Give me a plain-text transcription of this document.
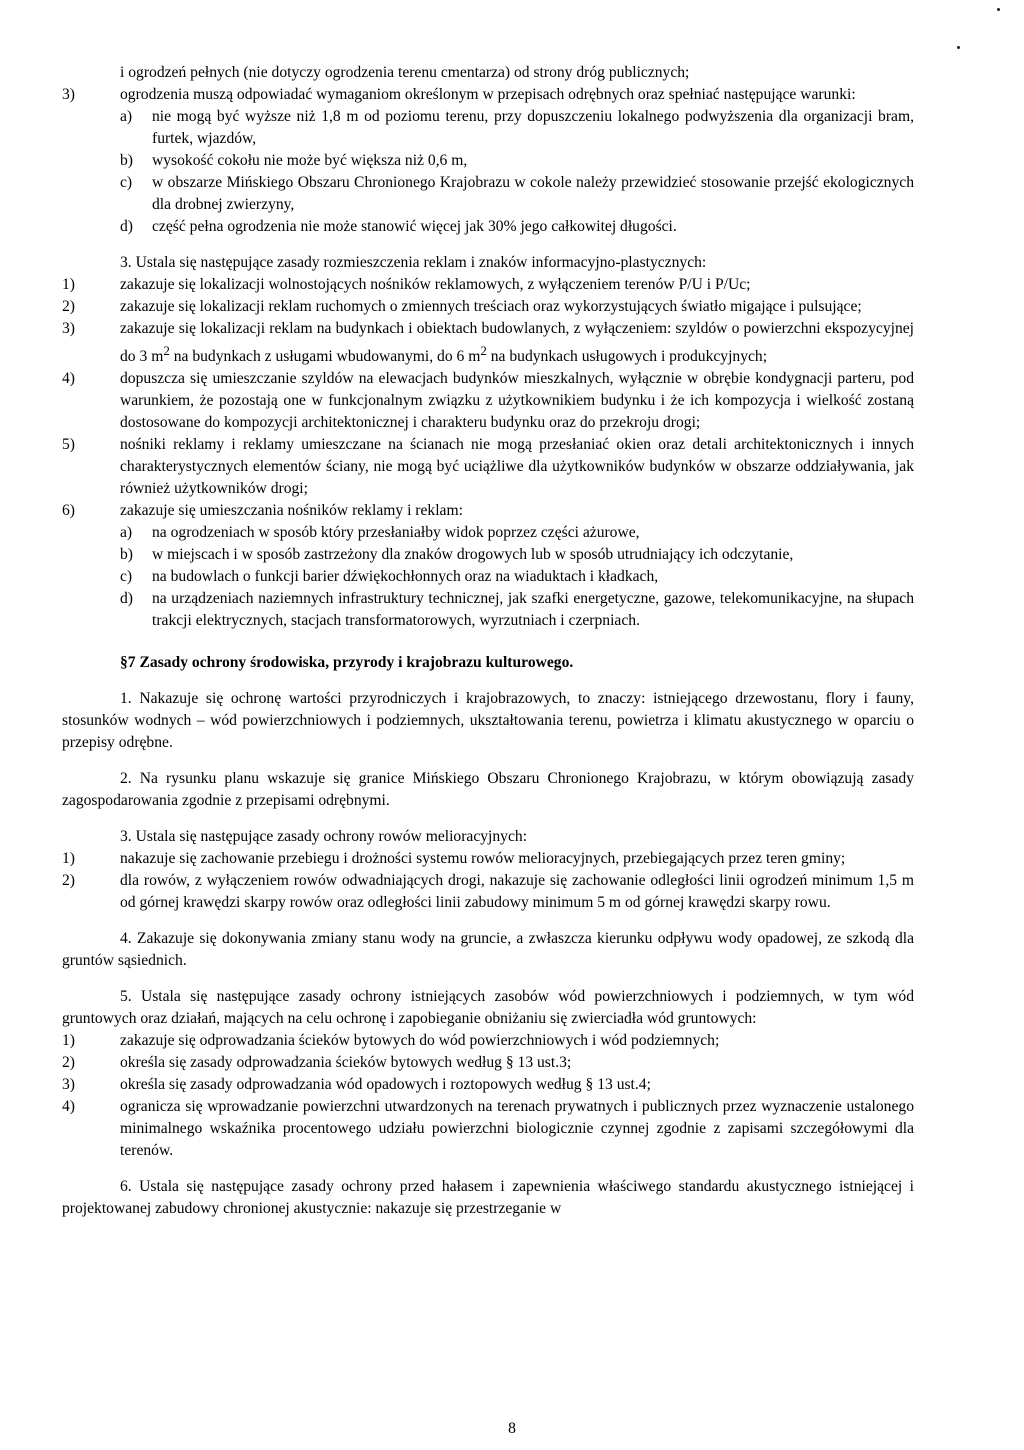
i ogrodzeń pełnych (nie dotyczy ogrodzenia terenu cmentarza) od strony dróg publicznych;

3)	ogrodzenia muszą odpowiadać wymaganiom określonym w przepisach odrębnych oraz spełniać następujące warunki:
a) nie mogą być wyższe niż 1,8 m od poziomu terenu, przy dopuszczeniu lokalnego podwyższenia dla organizacji bram, furtek, wjazdów,
b) wysokość cokołu nie może być większa niż 0,6 m,
c) w obszarze Mińskiego Obszaru Chronionego Krajobrazu w cokole należy przewidzieć stosowanie przejść ekologicznych dla drobnej zwierzyny,
d) część pełna ogrodzenia nie może stanowić więcej jak 30% jego całkowitej długości.

3. Ustala się następujące zasady rozmieszczenia reklam i znaków informacyjno-plastycznych:

1)	zakazuje się lokalizacji wolnostojących nośników reklamowych, z wyłączeniem terenów P/U i P/Uc;
2)	zakazuje się lokalizacji reklam ruchomych o zmiennych treściach oraz wykorzystujących światło migające i pulsujące;
3)	zakazuje się lokalizacji reklam na budynkach i obiektach budowlanych, z wyłączeniem: szyldów o powierzchni ekspozycyjnej do 3 $m^2$ na budynkach z usługami wbudowanymi, do 6 $m^2$ na budynkach usługowych i produkcyjnych;
4)	dopuszcza się umieszczanie szyldów na elewacjach budynków mieszkalnych, wyłącznie w obrębie kondygnacji parteru, pod warunkiem, że pozostają one w funkcjonalnym związku z użytkownikiem budynku i że ich kompozycja i wielkość zostaną dostosowane do kompozycji architektonicznej i charakteru budynku oraz do przekroju drogi;
5)	nośniki reklamy i reklamy umieszczane na ścianach nie mogą przesłaniać okien oraz detali architektonicznych i innych charakterystycznych elementów ściany, nie mogą być uciążliwe dla użytkowników budynków w obszarze oddziaływania, jak również użytkowników drogi;
6)	zakazuje się umieszczania nośników reklamy i reklam:
a) na ogrodzeniach w sposób który przesłaniałby widok poprzez części ażurowe,
b) w miejscach i w sposób zastrzeżony dla znaków drogowych lub w sposób utrudniający ich odczytanie,
c) na budowlach o funkcji barier dźwiękochłonnych oraz na wiaduktach i kładkach,
d) na urządzeniach naziemnych infrastruktury technicznej, jak szafki energetyczne, gazowe, telekomunikacyjne, na słupach trakcji elektrycznych, stacjach transformatorowych, wyrzutniach i czerpniach.

§7 Zasady ochrony środowiska, przyrody i krajobrazu kulturowego.

1. Nakazuje się ochronę wartości przyrodniczych i krajobrazowych, to znaczy: istniejącego drzewostanu, flory i fauny, stosunków wodnych – wód powierzchniowych i podziemnych, ukształtowania terenu, powietrza i klimatu akustycznego w oparciu o przepisy odrębne.

2. Na rysunku planu wskazuje się granice Mińskiego Obszaru Chronionego Krajobrazu, w którym obowiązują zasady zagospodarowania zgodnie z przepisami odrębnymi.

3. Ustala się następujące zasady ochrony rowów melioracyjnych:

1)	nakazuje się zachowanie przebiegu i drożności systemu rowów melioracyjnych, przebiegających przez teren gminy;
2)	dla rowów, z wyłączeniem rowów odwadniających drogi, nakazuje się zachowanie odległości linii ogrodzeń minimum 1,5 m od górnej krawędzi skarpy rowów oraz odległości linii zabudowy minimum 5 m od górnej krawędzi skarpy rowu.

4. Zakazuje się dokonywania zmiany stanu wody na gruncie, a zwłaszcza kierunku odpływu wody opadowej, ze szkodą dla gruntów sąsiednich.

5. Ustala się następujące zasady ochrony istniejących zasobów wód powierzchniowych i podziemnych, w tym wód gruntowych oraz działań, mających na celu ochronę i zapobieganie obniżaniu się zwierciadła wód gruntowych:

1)	zakazuje się odprowadzania ścieków bytowych do wód powierzchniowych i wód podziemnych;
2)	określa się zasady odprowadzania ścieków bytowych według § 13 ust.3;
3)	określa się zasady odprowadzania wód opadowych i roztopowych według § 13 ust.4;
4)	ogranicza się wprowadzanie powierzchni utwardzonych na terenach prywatnych i publicznych przez wyznaczenie ustalonego minimalnego wskaźnika procentowego udziału powierzchni biologicznie czynnej zgodnie z zapisami szczegółowymi dla terenów.

6. Ustala się następujące zasady ochrony przed hałasem i zapewnienia właściwego standardu akustycznego istniejącej i projektowanej zabudowy chronionej akustycznie: nakazuje się przestrzeganie w

8
